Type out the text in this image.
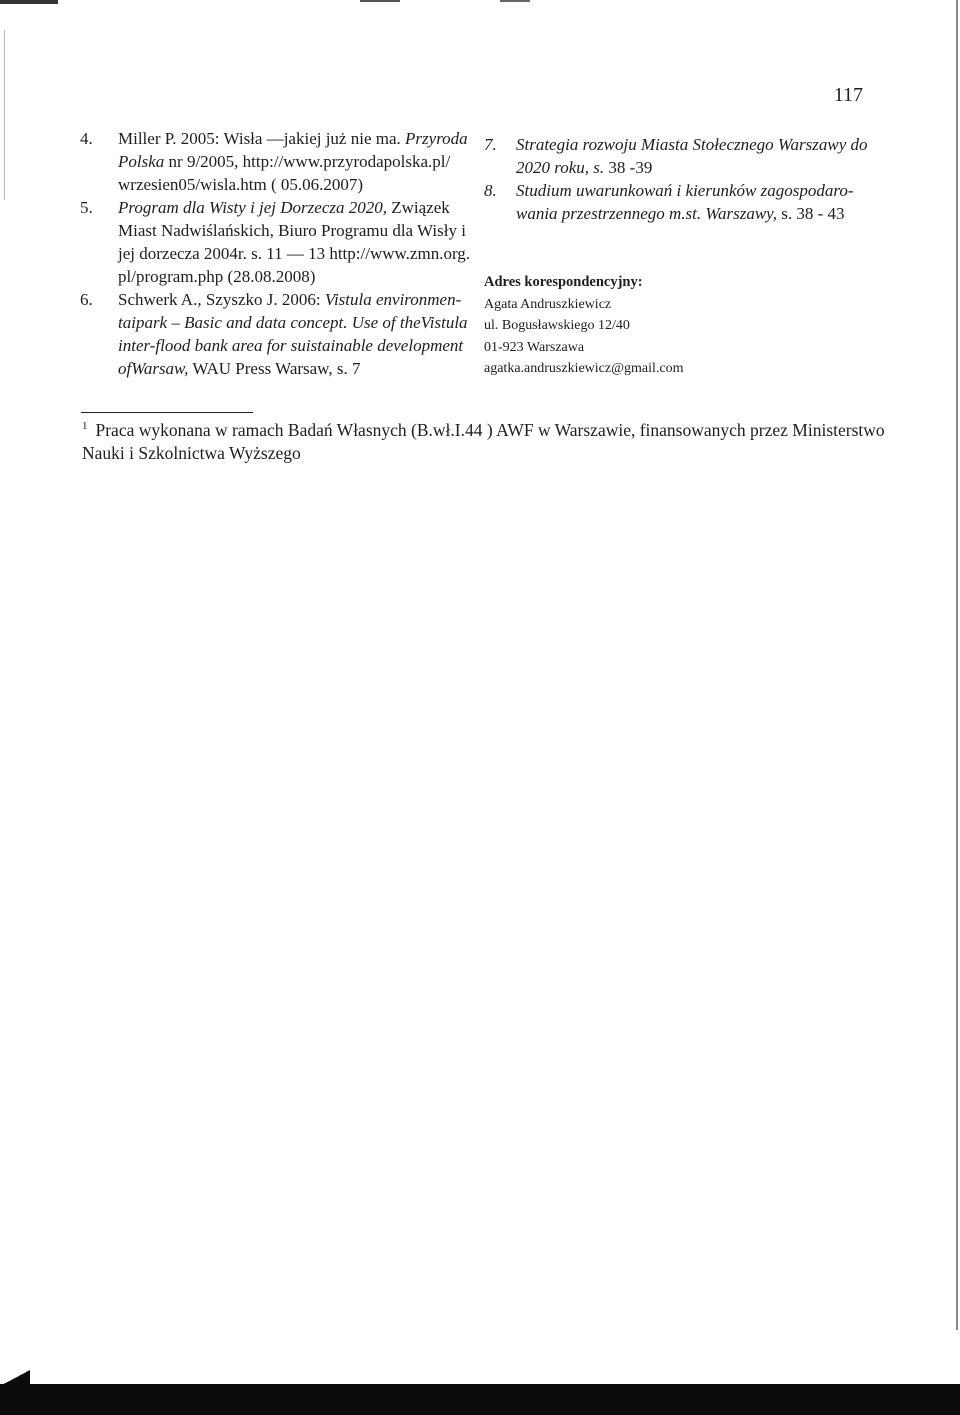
117
4. Miller P. 2005: Wisła —jakiej już nie ma. Przyroda
Polska nr 9/2005, http://www.przyrodapolska.pl/
wrzesien05/wisla.htm ( 05.06.2007)
5. Program dla Wisty i jej Dorzecza 2020, Związek
Miast Nadwiślańskich, Biuro Programu dla Wisły i
jej dorzecza 2004r. s. 11 — 13 http://www.zmn.org.
pl/program.php (28.08.2008)
6. Schwerk A., Szyszko J. 2006: Vistula environmen-
taipark – Basic and data concept. Use of theVistula
inter-flood bank area for suistainable development
ofWarsaw, WAU Press Warsaw, s. 7
7. Strategia rozwoju Miasta Stołecznego Warszawy do
2020 roku, s. 38 -39
8. Studium uwarunkowań i kierunków zagospodaro-
wania przestrzennego m.st. Warszawy, s. 38 - 43
Adres korespondencyjny:
Agata Andruszkiewicz
ul. Bogusławskiego 12/40
01-923 Warszawa
agatka.andruszkiewicz@gmail.com
$^1$ Praca wykonana w ramach Badań Własnych (B.wł.I.44 ) AWF w Warszawie, finansowanych przez Ministerstwo
Nauki i Szkolnictwa Wyższego
